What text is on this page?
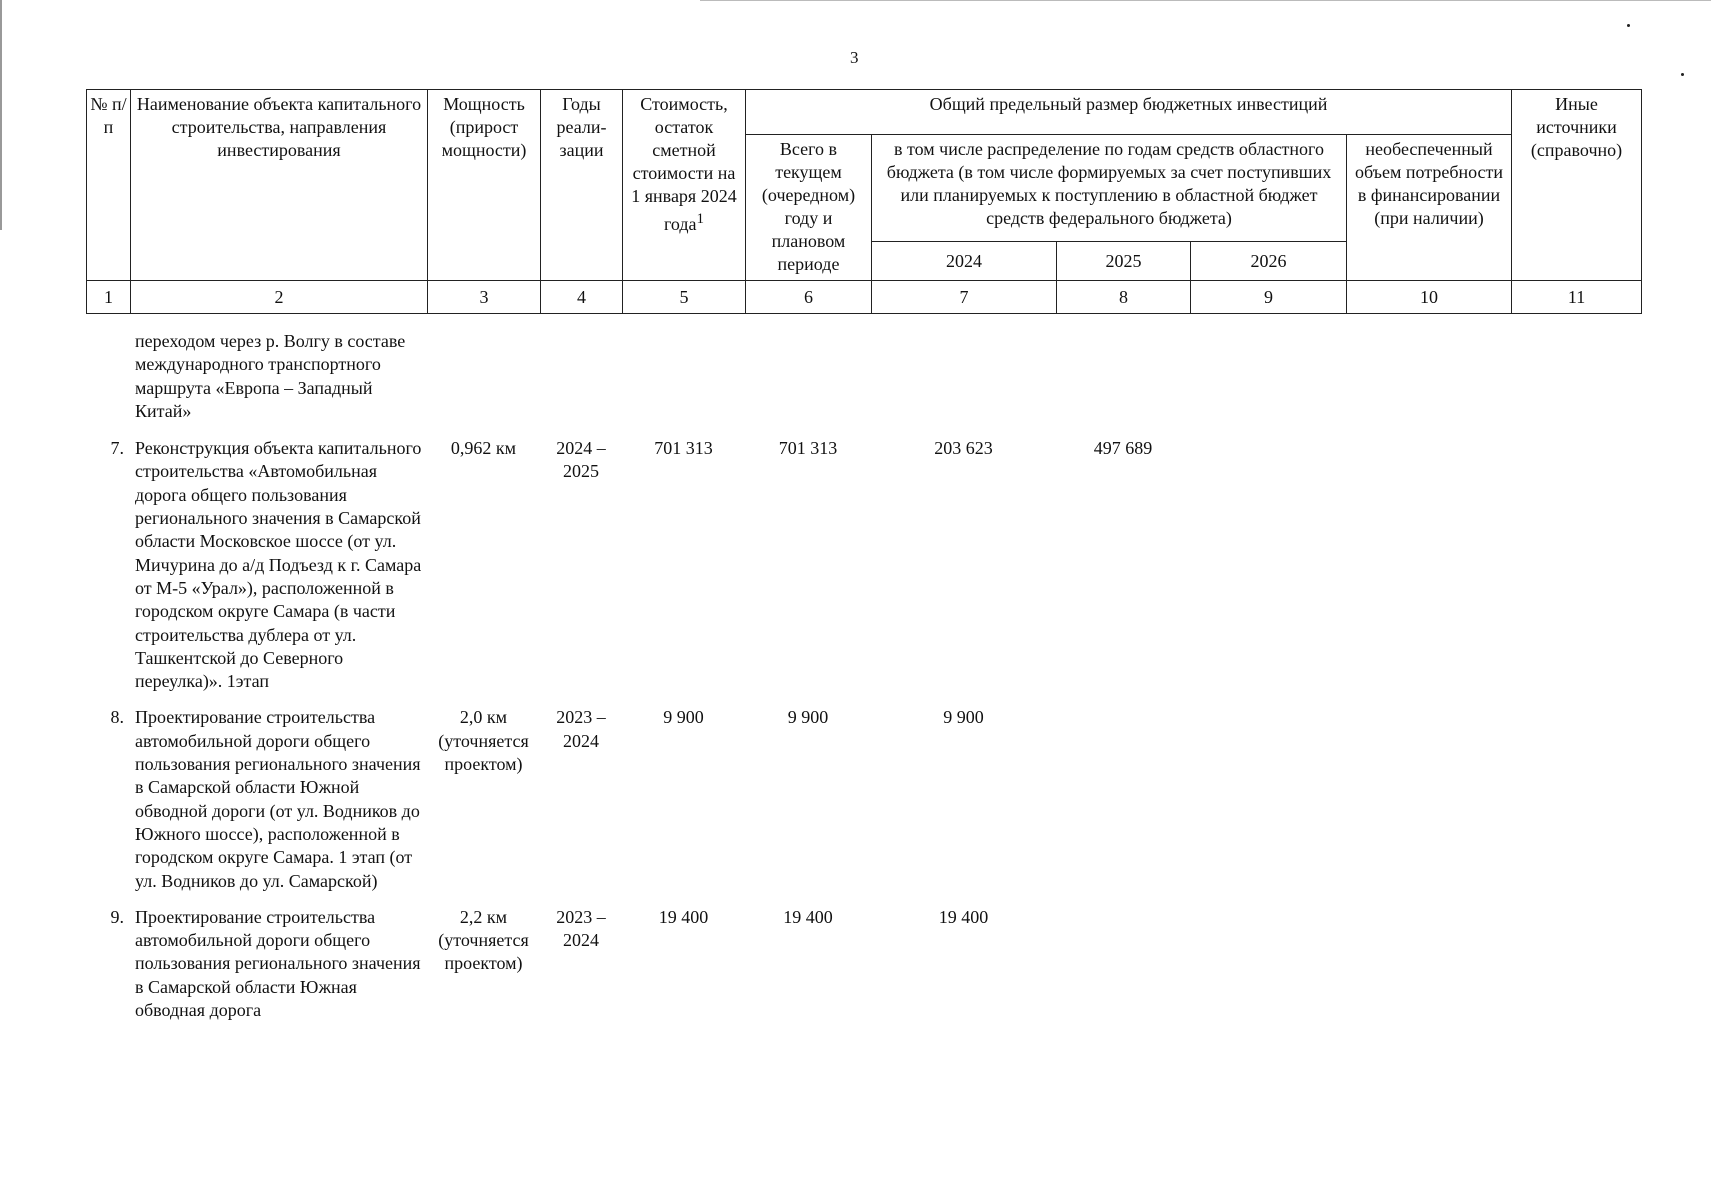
3
№ п/п	Наименование объекта капитального строительства, направления инвестирования	Мощность (прирост мощности)	Годы реали-зации	Стоимость, остаток сметной стоимости на 1 января 2024 года$^1$	Общий предельный размер бюджетных инвестиций					Иные источники (справочно)
					Всего в текущем (очередном) году и плановом периоде	в том числе распределение по годам средств областного бюджета (в том числе формируемых за счет поступивших или планируемых к поступлению в областной бюджет средств федерального бюджета)			необеспеченный объем потребности в финансировании (при наличии)	
						2024	2025	2026		
1	2	3	4	5	6	7	8	9	10	11
	переходом через р. Волгу в составе международного транспортного маршрута «Европа – Западный Китай»									
7.	Реконструкция объекта капитального строительства «Автомобильная дорога общего пользования регионального значения в Самарской области Московское шоссе (от ул. Мичурина до а/д Подъезд к г. Самара от М-5 «Урал»), расположенной в городском округе Самара (в части строительства дублера от ул. Ташкентской до Северного переулка)». 1этап	0,962 км	2024 – 2025	701 313	701 313	203 623	497 689			
8.	Проектирование строительства автомобильной дороги общего пользования регионального значения в Самарской области Южной обводной дороги (от ул. Водников до Южного шоссе), расположенной в городском округе Самара. 1 этап (от ул. Водников до ул. Самарской)	2,0 км (уточняется проектом)	2023 – 2024	9 900	9 900	9 900				
9.	Проектирование строительства автомобильной дороги общего пользования регионального значения в Самарской области Южная обводная дорога	2,2 км (уточняется проектом)	2023 – 2024	19 400	19 400	19 400				
